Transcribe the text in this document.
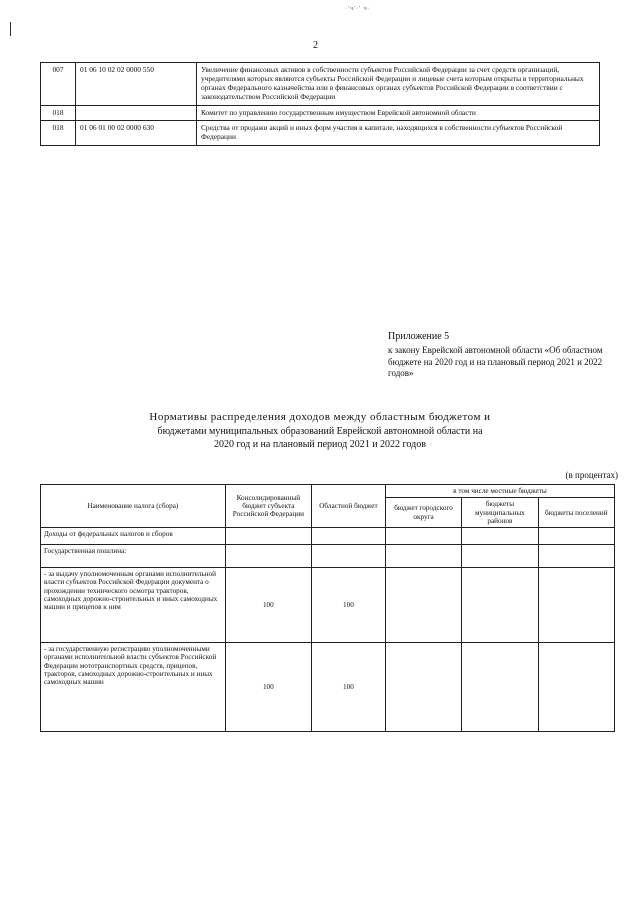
·'ч'·' ч·
2
007	01 06 10 02 02 0000 550	Увеличение финансовых активов в собственности субъектов Российской Федерации за счет средств организаций, учредителями которых являются субъекты Российской Федерации и лицевые счета которым открыты в территориальных органах Федерального казначейства или в финансовых органах субъектов Российской Федерации в соответствии с законодательством Российской Федерации
018		Комитет по управлению государственным имуществом Еврейской автономной области
018	01 06 01 00 02 0000 630	Средства от продажи акций и иных форм участия в капитале, находящихся в собственности субъектов Российской Федерации
Приложение 5
к закону Еврейской автономной области «Об областном бюджете на 2020 год и на плановый период 2021 и 2022 годов»
Нормативы распределения доходов между областным бюджетом и
бюджетами муниципальных образований Еврейской автономной области на
2020 год и на плановый период 2021 и 2022 годов
(в процентах)
Наименование налога (сбора)	Консолидированный бюджет субъекта Российской Федерации	Областной бюджет	в том числе местные бюджеты		
			бюджет городского округа	бюджеты муниципальных районов	бюджеты поселений
Доходы от федеральных налогов и сборов					
Государственная пошлина:					
- за выдачу уполномоченным органами исполнительной власти субъектов Российской Федерации документа о прохождении технического осмотра тракторов, самоходных дорожно-строительных и иных самоходных машин и прицепов к ним	100	100			
- за государственную регистрацию уполномоченными органами исполнительной власти субъектов Российской Федерации мототранспортных средств, прицепов, тракторов, самоходных дорожно-строительных и иных самоходных машин	100	100			
